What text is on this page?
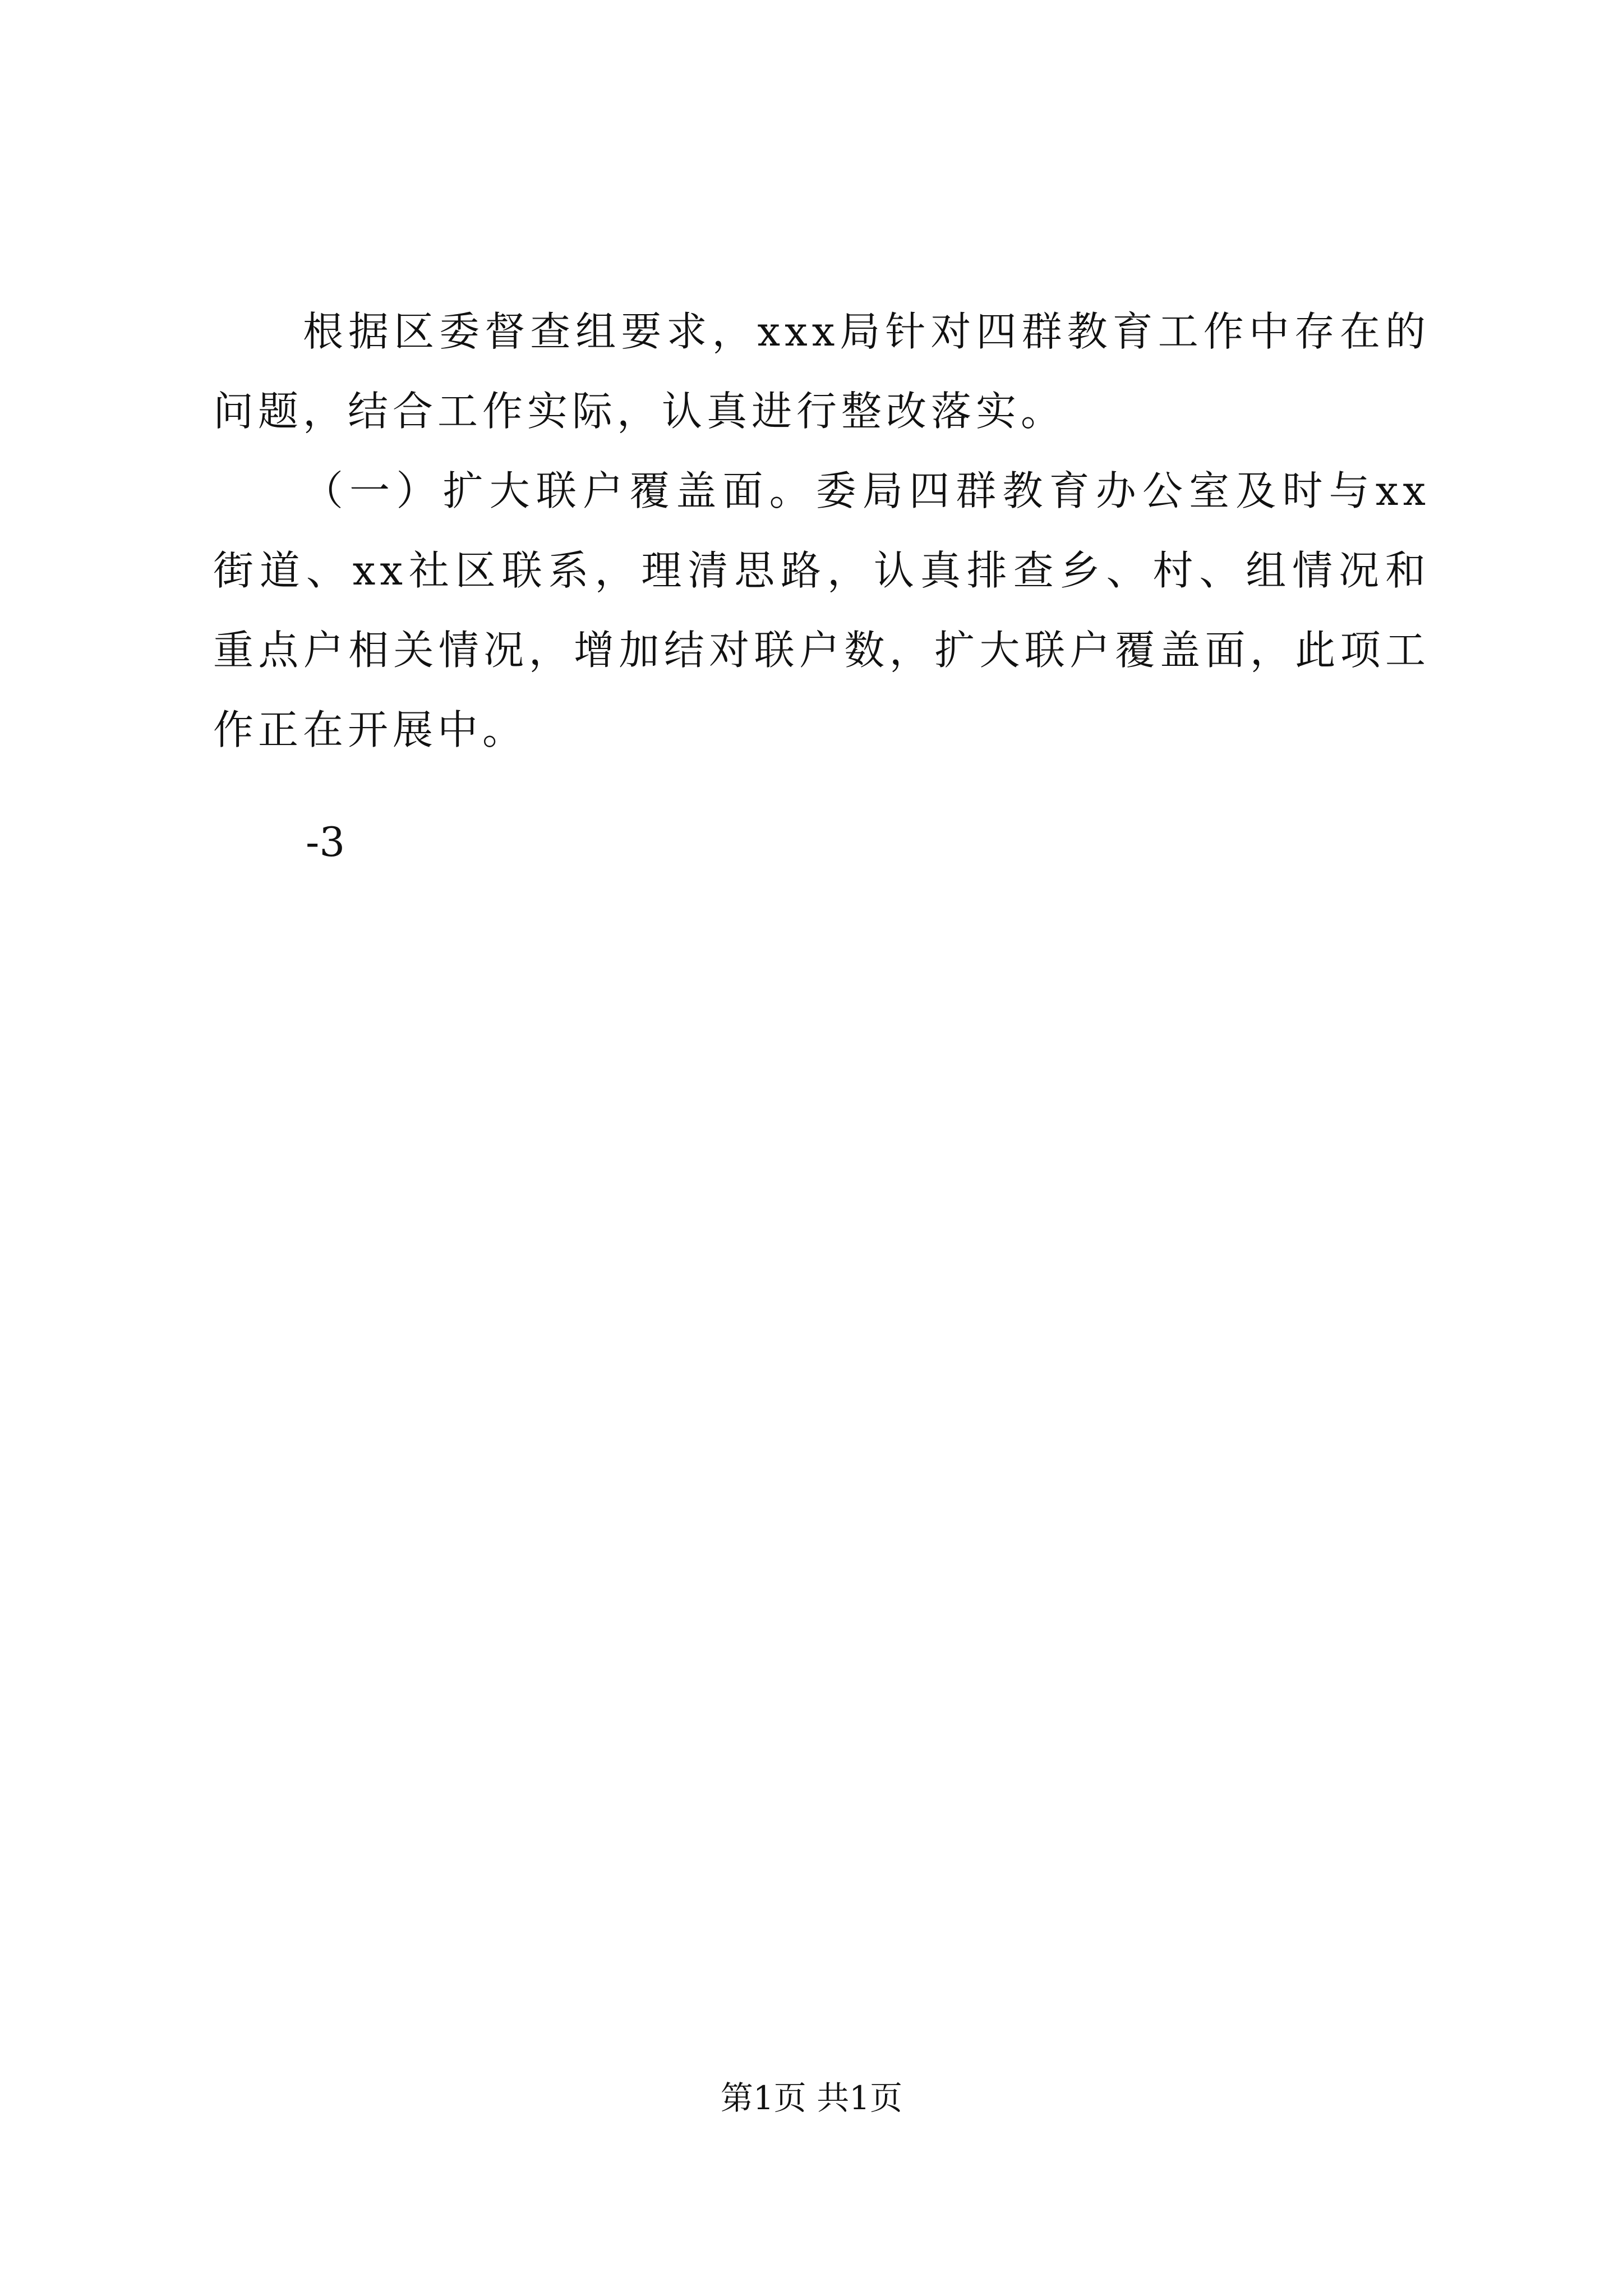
根据区委督查组要求，xxx局针对四群教育工作中存在的问题，结合工作实际，认真进行整改落实。

（一）扩大联户覆盖面。委局四群教育办公室及时与xx街道、xx社区联系，理清思路，认真排查乡、村、组情况和重点户相关情况，增加结对联户数，扩大联户覆盖面，此项工作正在开展中。

-3
第1页 共1页
